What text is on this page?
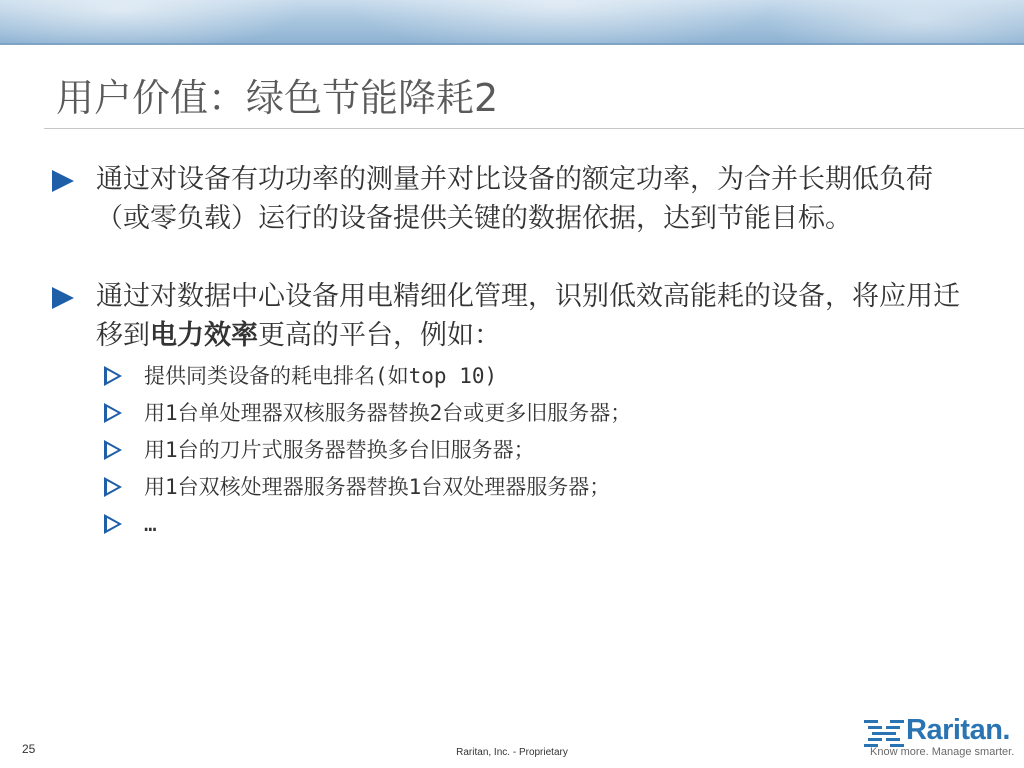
用户价值：绿色节能降耗2
通过对设备有功功率的测量并对比设备的额定功率，为合并长期低负荷（或零负载）运行的设备提供关键的数据依据，达到节能目标。
通过对数据中心设备用电精细化管理，识别低效高能耗的设备，将应用迁移到电力效率更高的平台，例如：
提供同类设备的耗电排名(如top 10)
用1台单处理器双核服务器替换2台或更多旧服务器；
用1台的刀片式服务器替换多台旧服务器；
用1台双核处理器服务器替换1台双处理器服务器；
…
25	Raritan, Inc. - Proprietary
Raritan.
Know more. Manage smarter.
